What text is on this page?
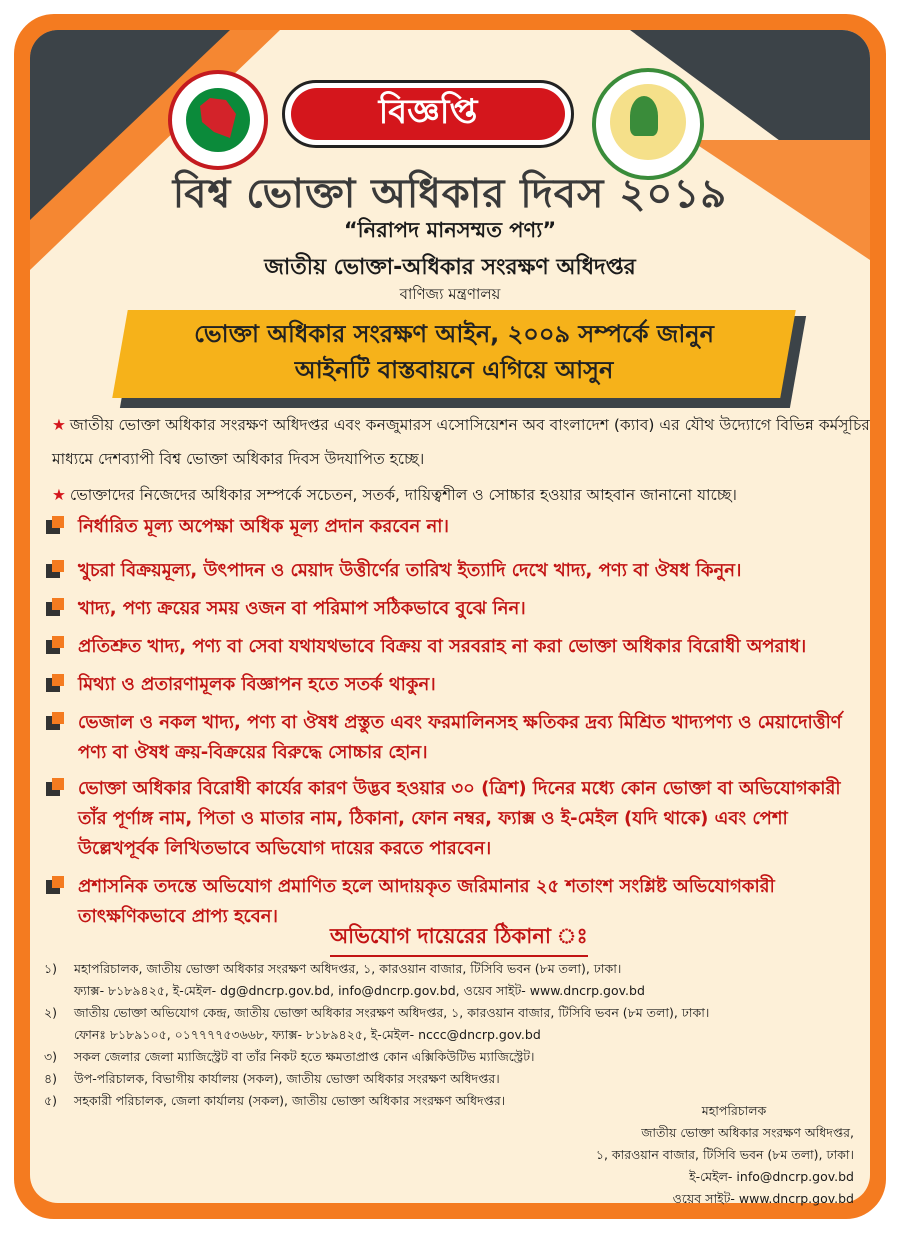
বিজ্ঞপ্তি
বিশ্ব ভোক্তা অধিকার দিবস ২০১৯
“নিরাপদ মানসম্মত পণ্য”
জাতীয় ভোক্তা-অধিকার সংরক্ষণ অধিদপ্তর
বাণিজ্য মন্ত্রণালয়
ভোক্তা অধিকার সংরক্ষণ আইন, ২০০৯ সম্পর্কে জানুন
আইনটি বাস্তবায়নে এগিয়ে আসুন
★ জাতীয় ভোক্তা অধিকার সংরক্ষণ অধিদপ্তর এবং কনজুমারস এসোসিয়েশন অব বাংলাদেশ (ক্যাব) এর যৌথ উদ্যোগে বিভিন্ন কর্মসূচির মাধ্যমে দেশব্যাপী বিশ্ব ভোক্তা অধিকার দিবস উদযাপিত হচ্ছে।
★ ভোক্তাদের নিজেদের অধিকার সম্পর্কে সচেতন, সতর্ক, দায়িত্বশীল ও সোচ্চার হওয়ার আহবান জানানো যাচ্ছে।
নির্ধারিত মূল্য অপেক্ষা অধিক মূল্য প্রদান করবেন না।
খুচরা বিক্রয়মূল্য, উৎপাদন ও মেয়াদ উত্তীর্ণের তারিখ ইত্যাদি দেখে খাদ্য, পণ্য বা ঔষধ কিনুন।
খাদ্য, পণ্য ক্রয়ের সময় ওজন বা পরিমাপ সঠিকভাবে বুঝে নিন।
প্রতিশ্রুত খাদ্য, পণ্য বা সেবা যথাযথভাবে বিক্রয় বা সরবরাহ না করা ভোক্তা অধিকার বিরোধী অপরাধ।
মিথ্যা ও প্রতারণামূলক বিজ্ঞাপন হতে সতর্ক থাকুন।
ভেজাল ও নকল খাদ্য, পণ্য বা ঔষধ প্রস্তুত এবং ফরমালিনসহ ক্ষতিকর দ্রব্য মিশ্রিত খাদ্যপণ্য ও মেয়াদোত্তীর্ণ পণ্য বা ঔষধ ক্রয়-বিক্রয়ের বিরুদ্ধে সোচ্চার হোন।
ভোক্তা অধিকার বিরোধী কার্যের কারণ উদ্ভব হওয়ার ৩০ (ত্রিশ) দিনের মধ্যে কোন ভোক্তা বা অভিযোগকারী তাঁর পূর্ণাঙ্গ নাম, পিতা ও মাতার নাম, ঠিকানা, ফোন নম্বর, ফ্যাক্স ও ই-মেইল (যদি থাকে) এবং পেশা উল্লেখপূর্বক লিখিতভাবে অভিযোগ দায়ের করতে পারবেন।
প্রশাসনিক তদন্তে অভিযোগ প্রমাণিত হলে আদায়কৃত জরিমানার ২৫ শতাংশ সংশ্লিষ্ট অভিযোগকারী তাৎক্ষণিকভাবে প্রাপ্য হবেন।
অভিযোগ দায়েরের ঠিকানা ঃ
১) মহাপরিচালক, জাতীয় ভোক্তা অধিকার সংরক্ষণ অধিদপ্তর, ১, কারওয়ান বাজার, টিসিবি ভবন (৮ম তলা), ঢাকা।
ফ্যাক্স- ৮১৮৯৪২৫, ই-মেইল- dg@dncrp.gov.bd, info@dncrp.gov.bd, ওয়েব সাইট- www.dncrp.gov.bd
২) জাতীয় ভোক্তা অভিযোগ কেন্দ্র, জাতীয় ভোক্তা অধিকার সংরক্ষণ অধিদপ্তর, ১, কারওয়ান বাজার, টিসিবি ভবন (৮ম তলা), ঢাকা।
ফোনঃ ৮১৮৯১০৫, ০১৭৭৭৭৫৩৬৬৮, ফ্যাক্স- ৮১৮৯৪২৫, ই-মেইল- nccc@dncrp.gov.bd
৩) সকল জেলার জেলা ম্যাজিস্ট্রেট বা তাঁর নিকট হতে ক্ষমতাপ্রাপ্ত কোন এক্সিকিউটিভ ম্যাজিস্ট্রেট।
৪) উপ-পরিচালক, বিভাগীয় কার্যালয় (সকল), জাতীয় ভোক্তা অধিকার সংরক্ষণ অধিদপ্তর।
৫) সহকারী পরিচালক, জেলা কার্যালয় (সকল), জাতীয় ভোক্তা অধিকার সংরক্ষণ অধিদপ্তর।
মহাপরিচালক
জাতীয় ভোক্তা অধিকার সংরক্ষণ অধিদপ্তর,
১, কারওয়ান বাজার, টিসিবি ভবন (৮ম তলা), ঢাকা।
ই-মেইল- info@dncrp.gov.bd
ওয়েব সাইট- www.dncrp.gov.bd
